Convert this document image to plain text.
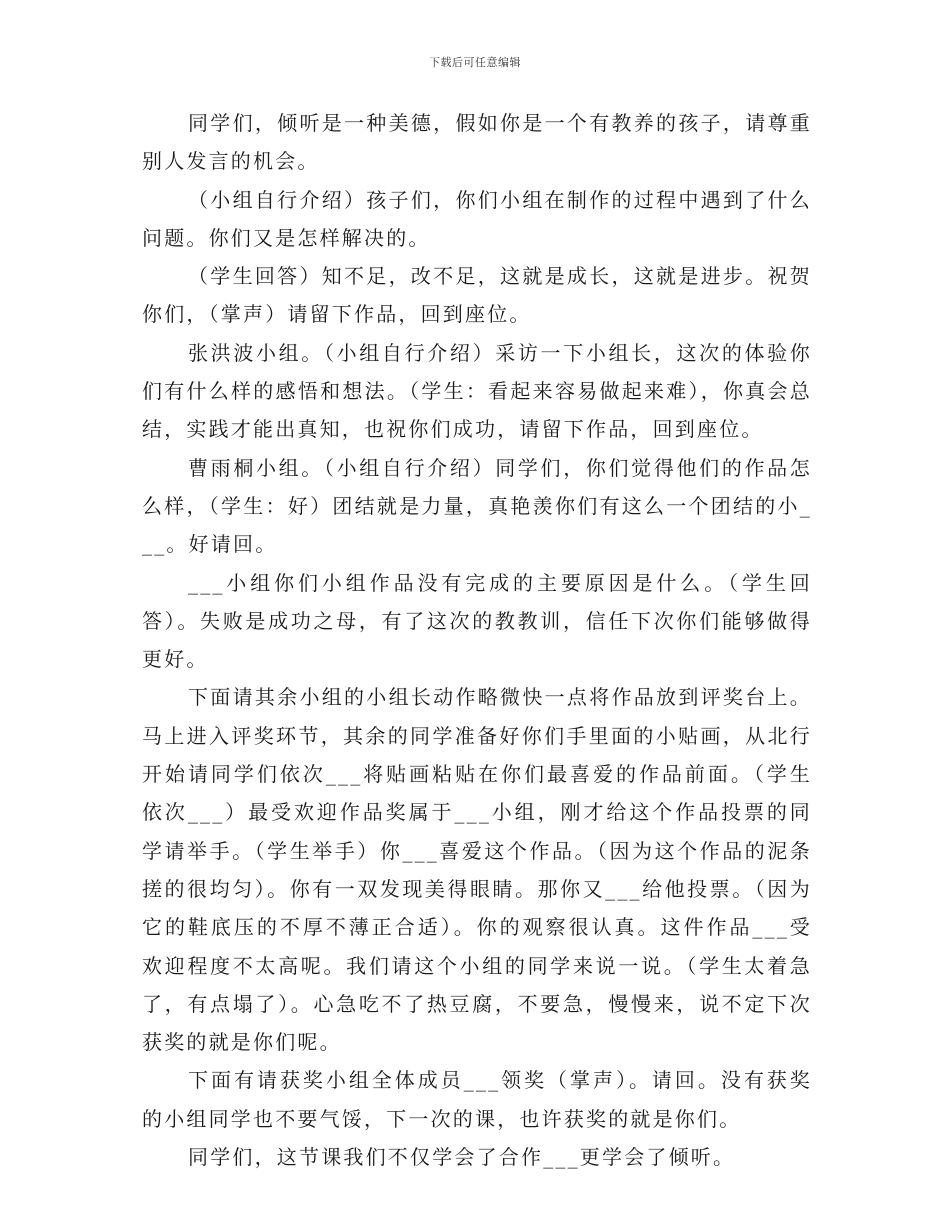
下载后可任意编辑

同学们，倾听是一种美德，假如你是一个有教养的孩子，请尊重别人发言的机会。

（小组自行介绍）孩子们，你们小组在制作的过程中遇到了什么问题。你们又是怎样解决的。

（学生回答）知不足，改不足，这就是成长，这就是进步。祝贺你们，（掌声）请留下作品，回到座位。

张洪波小组。（小组自行介绍）采访一下小组长，这次的体验你们有什么样的感悟和想法。（学生：看起来容易做起来难），你真会总结，实践才能出真知，也祝你们成功，请留下作品，回到座位。

曹雨桐小组。（小组自行介绍）同学们，你们觉得他们的作品怎么样，（学生：好）团结就是力量，真艳羡你们有这么一个团结的小___。好请回。

___小组你们小组作品没有完成的主要原因是什么。（学生回答）。失败是成功之母，有了这次的教教训，信任下次你们能够做得更好。

下面请其余小组的小组长动作略微快一点将作品放到评奖台上。马上进入评奖环节，其余的同学准备好你们手里面的小贴画，从北行开始请同学们依次___将贴画粘贴在你们最喜爱的作品前面。（学生依次___）最受欢迎作品奖属于___小组，刚才给这个作品投票的同学请举手。（学生举手）你___喜爱这个作品。（因为这个作品的泥条搓的很均匀）。你有一双发现美得眼睛。那你又___给他投票。（因为它的鞋底压的不厚不薄正合适）。你的观察很认真。这件作品___受欢迎程度不太高呢。我们请这个小组的同学来说一说。（学生太着急了，有点塌了）。心急吃不了热豆腐，不要急，慢慢来，说不定下次获奖的就是你们呢。

下面有请获奖小组全体成员___领奖（掌声）。请回。没有获奖的小组同学也不要气馁，下一次的课，也许获奖的就是你们。

同学们，这节课我们不仅学会了合作___更学会了倾听。
